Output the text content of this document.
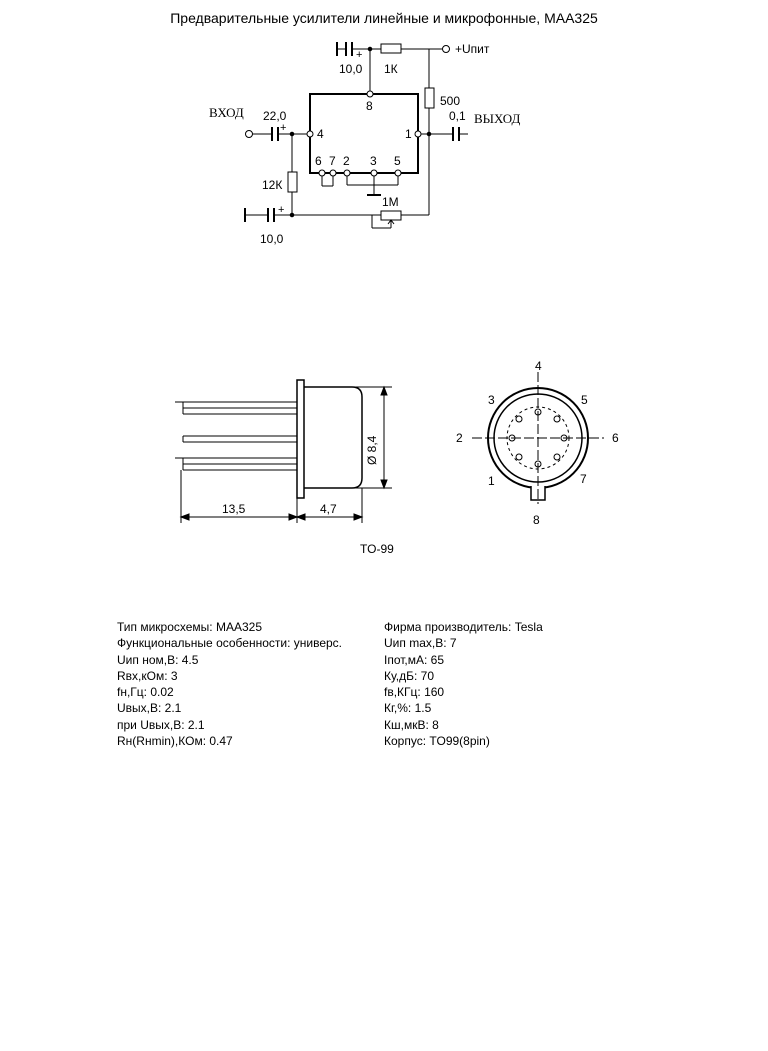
Предварительные усилители линейные и микрофонные, МАА325
+
10,0 1К
+Uпит
8	500
ВХОД 22,0
+	4	1
0,1 ВЫХОД
6 7 2 3 5
12К
1М
+
10,0
13,5	4,7
Ø 8,4
TO-99
4
3	5
2	6
1	7
8
Тип микросхемы: МАА325
Функциональные особенности: универс.
Uип ном,В: 4.5
Rвх,кОм: 3
fн,Гц: 0.02
Uвых,В: 2.1
при Uвых,В: 2.1
Rн(Rнmin),КОм: 0.47
Фирма производитель: Tesla
Uип max,В: 7
Iпот,мА: 65
Ку,дБ: 70
fв,КГц: 160
Кг,%: 1.5
Кш,мкВ: 8
Корпус: TO99(8pin)
